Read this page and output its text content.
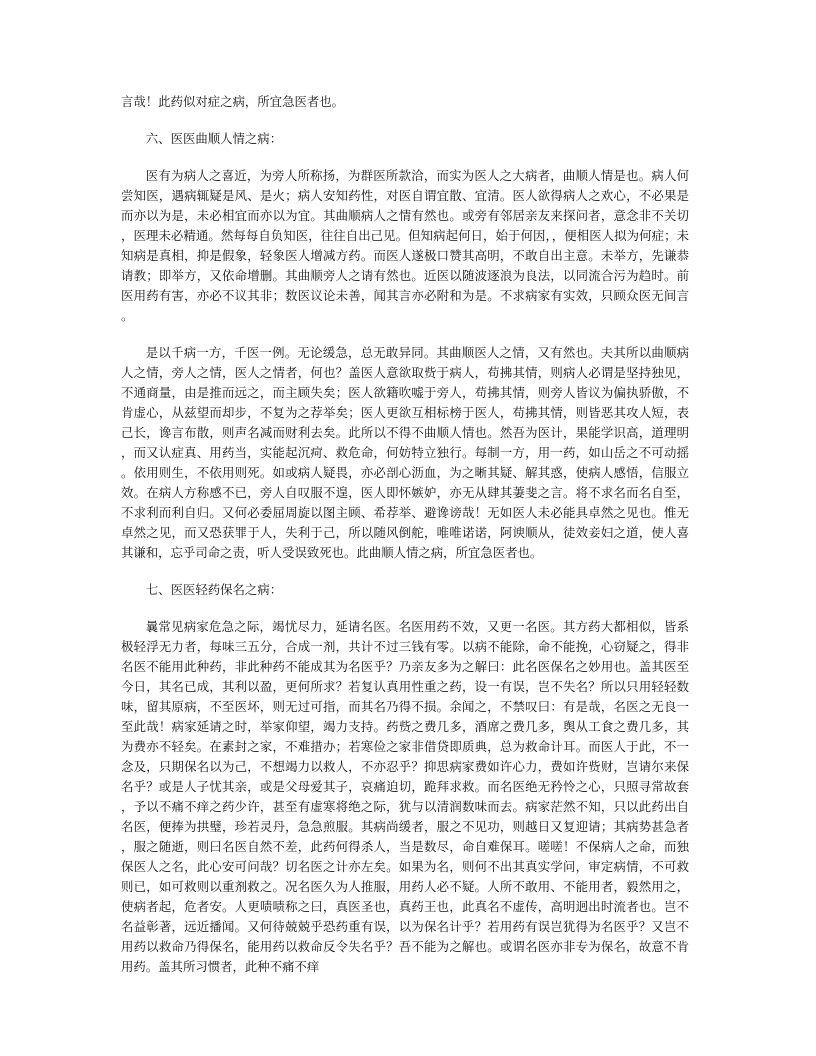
言哉！此药似对症之病，所宜急医者也。

六、医医曲顺人情之病：

医有为病人之喜近，为旁人所称扬，为群医所款洽，而实为医人之大病者，曲顺人情是也。病人何尝知医，遇病辄疑是风、是火；病人安知药性，对医自谓宜散、宜清。医人欲得病人之欢心，不必果是而亦以为是，未必相宜而亦以为宜。其曲顺病人之情有然也。或旁有邻居亲友来探问者，意念非不关切，医理未必精通。然每每自负知医，往往自出己见。但知病起何日，始于何因，，便相医人拟为何症；未知病是真相，抑是假象，轻象医人增减方药。而医人遂极口赞其高明，不敢自出主意。未举方，先谦恭请教；即举方，又依命增删。其曲顺旁人之请有然也。近医以随波逐浪为良法，以同流合污为趋时。前医用药有害，亦必不议其非；数医议论未善，闻其言亦必附和为是。不求病家有实效，只顾众医无间言。

是以千病一方，千医一例。无论缓急，总无敢异同。其曲顺医人之情，又有然也。夫其所以曲顺病人之情，旁人之情，医人之情者，何也？盖医人意欲取赀于病人，苟拂其情，则病人必谓是坚持独见，不通商量，由是推而远之，而主顾失矣；医人欲籍吹嘘于旁人，苟拂其情，则旁人皆议为偏执骄傲，不肯虚心，从兹望而却步，不复为之荐举矣；医人更欲互相标榜于医人，苟拂其情，则皆恶其攻人短，表己长，谗言布散，则声名减而财利去矣。此所以不得不曲顺人情也。然吾为医计，果能学识高，道理明，而又认症真、用药当，实能起沉疴、救危命，何妨特立独行。每制一方，用一药，如山岳之不可动摇。依用则生，不依用则死。如或病人疑畏，亦必剖心沥血，为之晰其疑、解其惑，使病人感悟，信服立效。在病人方称感不已，旁人自叹服不遑，医人即怀嫉妒，亦无从肆其萋斐之言。将不求名而名自至，不求利而利自归。又何必委屈周旋以图主顾、希荐举、避谗谤哉！无如医人未必能具卓然之见也。惟无卓然之见，而又恐获罪于人，失利于己，所以随风倒舵，唯唯诺诺，阿谀顺从，徒效妾妇之道，使人喜其谦和，忘乎司命之责，听人受误致死也。此曲顺人情之病，所宜急医者也。

七、医医轻药保名之病：

曩常见病家危急之际，竭忧尽力，延请名医。名医用药不效，又更一名医。其方药大都相似，皆系极轻浮无力者，每味三五分，合成一剂，共计不过三钱有零。以病不能除，命不能挽，心窃疑之，得非名医不能用此种药，非此种药不能成其为名医乎？乃亲友多为之解曰：此名医保名之妙用也。盖其医至今日，其名已成，其利以盈，更何所求？若复认真用性重之药，设一有误，岂不失名？所以只用轻轻数味，留其原病，不至医坏，则无过可指，而其名乃得不损。余闻之，不禁叹曰：有是哉，名医之无良一至此哉！病家延请之时，举家仰望，竭力支持。药赀之费几多，酒席之费几多，舆从工食之费几多，其为费亦不轻矣。在素封之家，不难措办；若寒俭之家非借贷即质典，总为救命计耳。而医人于此，不一念及，只期保名以为己，不想竭力以救人，不亦忍乎？抑思病家费如许心力，费如许赀财，岂请尔来保名乎？或是人子忧其亲，或是父母爱其子，哀痛迫切，跪拜求救。而名医绝无矜怜之心，只照寻常故套，予以不痛不痒之药少许，甚至有虚寒将绝之际，犹与以清润数味而去。病家茫然不知，只以此药出自名医，便捧为拱璧，珍若灵丹，急急煎服。其病尚缓者，服之不见功，则越日又复迎请；其病势甚急者，服之随逝，则曰名医自然不差，此药何得杀人，当是数尽，命自难保耳。嗟嗟！不保病人之命，而独保医人之名，此心安可问哉？切名医之计亦左矣。如果为名，则何不出其真实学问，审定病情，不可救则已，如可救则以重剂救之。况名医久为人推服，用药人必不疑。人所不敢用、不能用者，毅然用之，使病者起，危者安。人更啧啧称之曰，真医圣也，真药王也，此真名不虚传，高明迥出时流者也。岂不名益彰著，远近播闻。又何待兢兢乎恐药重有误，以为保名计乎？若用药有误岂犹得为名医乎？又岂不用药以救命乃得保名，能用药以救命反令失名乎？吾不能为之解也。或谓名医亦非专为保名，故意不肯用药。盖其所习惯者，此种不痛不痒
